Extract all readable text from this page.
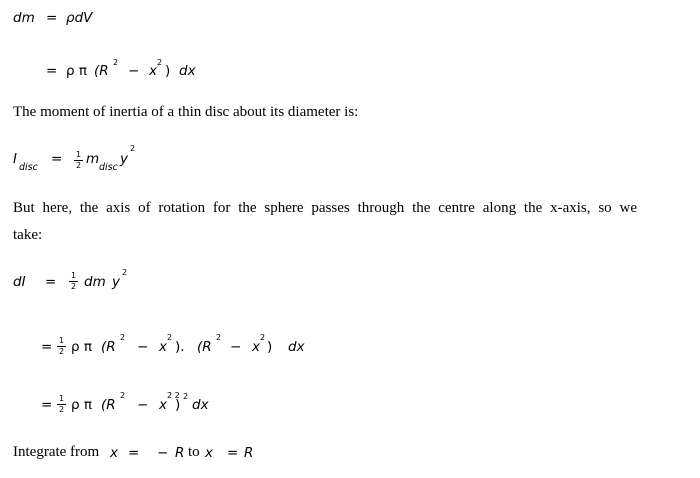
dm = ρdV
= ρ π (R
2
− x
2
) dx
The moment of inertia of a thin disc about its diameter is:
I
disc
= $\frac{1}{2}$ m
disc
y
2
But here, the axis of rotation for the sphere passes through the centre along the x-axis, so we
take:
dI = $\frac{1}{2}$ dm y
2
= $\frac{1}{2}$ ρ π (R
2
− x
2
). (R
2
− x
2
) dx
= $\frac{1}{2}$ ρ π (R
2
− x
2 2
)
2
dx
Integrate from x = − R to x = R
